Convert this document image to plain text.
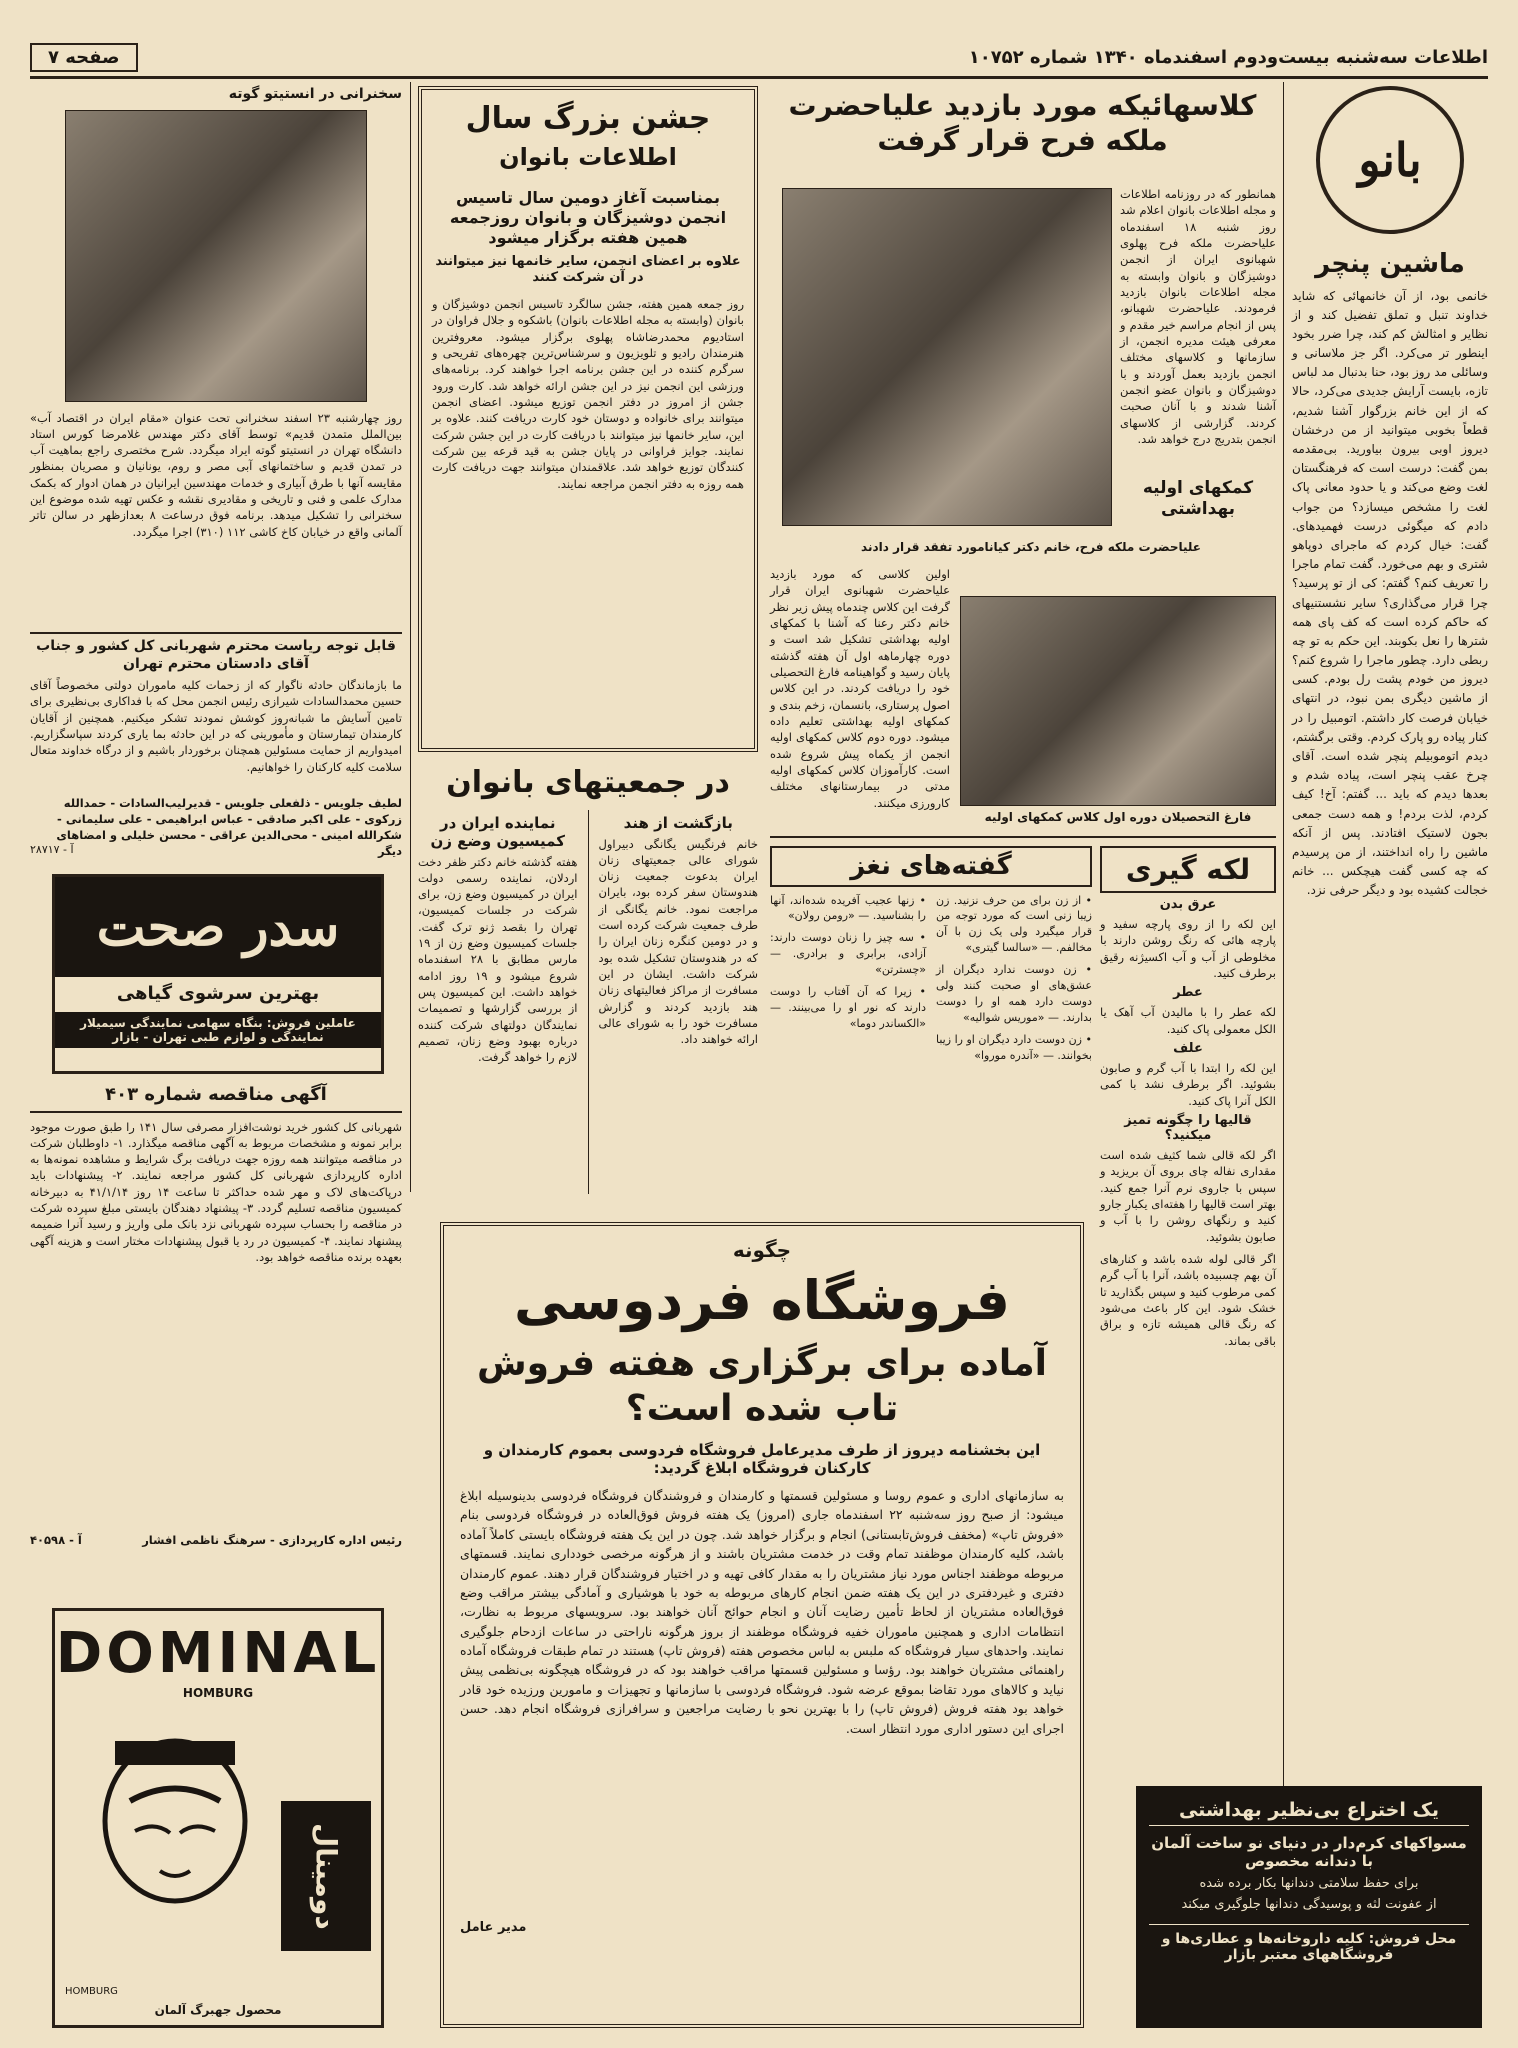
اطلاعات سه‌شنبه بیست‌ودوم اسفندماه ۱۳۴۰ شماره ۱۰۷۵۲
صفحه ۷
بانو
ماشین پنچر
خانمی بود، از آن خانمهائی که شاید خداوند تنبل و تملق تفضیل کند و از نظایر و امثالش کم کند، چرا ضرر بخود اینطور تر می‌کرد. اگر جز ملاسانی و وسائلی مد روز بود، حنا بدنبال مد لباس تازه، بایست آرایش جدیدی می‌کرد، حالا که از این خانم بزرگوار آشنا شدیم، قطعاً بخوبی میتوانید از من درخشان دیروز اوبی بیرون بیاورید. بی‌مقدمه بمن گفت: درست است که فرهنگستان لغت وضع می‌کند و یا حدود معانی پاک لغت را مشخص میسازد؟ من جواب دادم که میگوئی درست فهمیدهای. گفت: خیال کردم که ماجرای دوپاهو شتری و بهم می‌خورد. گفت تمام ماجرا را تعریف کنم؟ گفتم: کی از تو پرسید؟ چرا قرار می‌گذاری؟ سایر نشستنیهای که حاکم کرده است که کف پای همه شتر‌ها را نعل بکوبند. این حکم به تو چه ربطی دارد. چطور ماجرا را شروع کنم؟ دیروز من خودم پشت رل بودم. کسی از ماشین دیگری بمن نبود، در انتهای خیابان فرصت کار داشتم. اتومبیل را در کنار پیاده رو پارک کردم. وقتی برگشتم، دیدم اتوموبیلم پنچر شده است. آقای چرخ عقب پنچر است، پیاده شدم و بعدها دیدم که باید ... گفتم: آخ! کیف کردم، لذت بردم! و همه دست جمعی بجون لاستیک افتادند. پس از آنکه ماشین را راه انداختند، از من پرسیدم که چه کسی گفت هیچکس ... خانم خجالت کشیده بود و دیگر حرفی نزد.
کلاسهائیکه مورد بازدید علیاحضرت
ملکه فرح قرار گرفت
همانطور که در روزنامه اطلاعات و مجله اطلاعات بانوان اعلام شد روز شنبه ۱۸ اسفندماه علیاحضرت ملکه فرح پهلوی شهبانوی ایران از انجمن دوشیزگان و بانوان وابسته به مجله اطلاعات بانوان بازدید فرمودند. علیاحضرت شهبانو، پس از انجام مراسم خیر مقدم و معرفی هیئت مدیره انجمن، از سازمانها و کلاسهای مختلف انجمن بازدید بعمل آوردند و با دوشیزگان و بانوان عضو انجمن آشنا شدند و با آنان صحبت کردند. گزارشی از کلاسهای انجمن بتدریج درج خواهد شد.
کمکهای اولیه بهداشتی
علیاحضرت ملکه فرح، خانم دکتر کیانامورد تفقد قرار دادند
اولین کلاسی که مورد بازدید علیاحضرت شهبانوی ایران قرار گرفت این کلاس چندماه پیش زیر نظر خانم دکتر رعنا که آشنا با کمکهای اولیه بهداشتی تشکیل شد است و دوره چهارماهه اول آن هفته گذشته پایان رسید و گواهینامه فارغ التحصیلی خود را دریافت کردند. در این کلاس اصول پرستاری، بانسمان، زخم بندی و کمکهای اولیه بهداشتی تعلیم داده میشود. دوره دوم کلاس کمکهای اولیه انجمن از یکماه پیش شروع شده است. کارآموزان کلاس کمکهای اولیه مدتی در بیمارستانهای مختلف کارورزی میکنند.
فارغ التحصیلان دوره اول کلاس کمکهای اولیه
جشن بزرگ سال
اطلاعات بانوان
بمناسبت آغاز دومین سال تاسیس انجمن دوشیزگان و بانوان روزجمعه همین هفته برگزار میشود
علاوه بر اعضای انجمن، سایر خانمها نیز میتوانند در آن شرکت کنند
روز جمعه همین هفته، جشن سالگرد تاسیس انجمن دوشیزگان و بانوان (وابسته به مجله اطلاعات بانوان) باشکوه و جلال فراوان در استادیوم محمدرضاشاه پهلوی برگزار میشود. معروفترین هنرمندان رادیو و تلویزیون و سرشناس‌ترین چهره‌های تفریحی و سرگرم کننده در این جشن برنامه اجرا خواهند کرد. برنامه‌های ورزشی این انجمن نیز در این جشن ارائه خواهد شد. کارت ورود جشن از امروز در دفتر انجمن توزیع میشود. اعضای انجمن میتوانند برای خانواده و دوستان خود کارت دریافت کنند. علاوه بر این، سایر خانمها نیز میتوانند با دریافت کارت در این جشن شرکت نمایند. جوایز فراوانی در پایان جشن به قید قرعه بین شرکت کنندگان توزیع خواهد شد. علاقمندان میتوانند جهت دریافت کارت همه روزه به دفتر انجمن مراجعه نمایند.
در جمعیتهای بانوان
بازگشت از هند
خانم فرنگیس یگانگی دبیراول شورای عالی جمعیتهای زنان ایران بدعوت جمعیت زنان هندوستان سفر کرده بود، بایران مراجعت نمود. خانم یگانگی از طرف جمعیت شرکت کرده است و در دومین کنگره زنان ایران را که در هندوستان تشکیل شده بود شرکت داشت. ایشان در این مسافرت از مراکز فعالیتهای زنان هند بازدید کردند و گزارش مسافرت خود را به شورای عالی ارائه خواهند داد.
نماینده ایران در کمیسیون وضع زن
هفته گذشته خانم دکتر ظفر دخت اردلان، نماینده رسمی دولت ایران در کمیسیون وضع زن، برای شرکت در جلسات کمیسیون، تهران را بقصد ژنو ترک گفت. جلسات کمیسیون وضع زن از ۱۹ مارس مطابق با ۲۸ اسفندماه شروع میشود و ۱۹ روز ادامه خواهد داشت. این کمیسیون پس از بررسی گزارشها و تصمیمات نمایندگان دولتهای شرکت کننده درباره بهبود وضع زنان، تصمیم لازم را خواهد گرفت.
گفته‌های نغز
• از زن برای من حرف نزنید. زن زیبا زنی است که مورد توجه من قرار میگیرد ولی یک زن با آن مخالفم. — «سالسا گیتری»
• زن دوست ندارد دیگران از عشق‌های او صحبت کنند ولی دوست دارد همه او را دوست بدارند. — «موریس شوالیه»
• زن دوست دارد دیگران او را زیبا بخوانند. — «آندره موروا»
• زنها عجیب آفریده شده‌اند، آنها را بشناسید. — «رومن رولان»
• سه چیز را زنان دوست دارند: آزادی، برابری و برادری. — «چسترتن»
• زیرا که آن آفتاب را دوست دارند که نور او را می‌بینند. — «الکساندر دوما»
لکه گیری
عرق بدن
این لکه را از روی پارچه سفید و پارچه هائی که رنگ روشن دارند با مخلوطی از آب و آب اکسیژنه رقیق برطرف کنید.
عطر
لکه عطر را با مالیدن آب آهک یا الکل معمولی پاک کنید.
علف
این لکه را ابتدا با آب گرم و صابون بشوئید. اگر برطرف نشد با کمی الکل آنرا پاک کنید.
قالیها را چگونه تمیز میکنید؟
اگر لکه قالی شما کثیف شده است مقداری نفاله چای بروی آن بریزید و سپس با جاروی نرم آنرا جمع کنید. بهتر است قالیها را هفته‌ای یکبار جارو کنید و رنگهای روشن را با آب و صابون بشوئید.
اگر قالی لوله شده باشد و کنارهای آن بهم چسبیده باشد، آنرا با آب گرم کمی مرطوب کنید و سپس بگذارید تا خشک شود. این کار باعث می‌شود که رنگ قالی همیشه تازه و براق باقی بماند.
سخنرانی در انستیتو گوته
روز چهارشنبه ۲۳ اسفند سخنرانی تحت عنوان «مقام ایران در اقتصاد آب» بین‌الملل متمدن قدیم» توسط آقای دکتر مهندس غلامرضا کورس استاد دانشگاه تهران در انستیتو گوته ایراد میگردد. شرح مختصری راجع بماهیت آب در تمدن قدیم و ساختمانهای آبی مصر و روم، یونانیان و مصریان بمنظور مقایسه آنها با طرق آبیاری و خدمات مهندسین ایرانیان در همان ادوار که بکمک مدارک علمی و فنی و تاریخی و مقادیری نقشه و عکس تهیه شده موضوع این سخنرانی را تشکیل میدهد. برنامه فوق درساعت ۸ بعدازظهر در سالن تاتر آلمانی واقع در خیابان کاخ کاشی ۱۱۲ (۳۱۰) اجرا میگردد.
قابل توجه ریاست محترم شهربانی کل کشور و جناب آقای دادستان محترم تهران
ما بازماندگان حادثه ناگوار که از زحمات کلیه ماموران دولتی مخصوصاً آقای حسین محمدالسادات شیرازی رئیس انجمن محل که با فداکاری بی‌نظیری برای تامین آسایش ما شبانه‌روز کوشش نمودند تشکر میکنیم. همچنین از آقایان کارمندان تیمارستان و مأمورینی که در این حادثه بما یاری کردند سپاسگزاریم. امیدواریم از حمایت مسئولین همچنان برخوردار باشیم و از درگاه خداوند متعال سلامت کلیه کارکنان را خواهانیم.
لطیف جلویس - ذلفعلی جلویس - قدیرلیب‌السادات - حمدالله زرکوی - علی اکبر صادقی - عباس ابراهیمی - علی سلیمانی - شکرالله امینی - محی‌الدین عراقی - محسن خلیلی و امضاهای دیگر
آ - ۲۸۷۱۷
سدر صحت
بهترین سرشوی گیاهی
عاملین فروش: بنگاه سهامی نمایندگی سیمیلار
نمایندگی و لوازم طبی تهران - بازار
آگهی مناقصه شماره ۴۰۳
شهربانی کل کشور خرید نوشت‌افزار مصرفی سال ۱۴۱ را طبق صورت موجود برابر نمونه و مشخصات مربوط به آگهی مناقصه میگذارد. ۱- داوطلبان شرکت در مناقصه میتوانند همه روزه جهت دریافت برگ شرایط و مشاهده نمونه‌ها به اداره کارپردازی شهربانی کل کشور مراجعه نمایند. ۲- پیشنهادات باید درپاکت‌های لاک و مهر شده حداکثر تا ساعت ۱۴ روز ۴۱/۱/۱۴ به دبیرخانه کمیسیون مناقصه تسلیم گردد. ۳- پیشنهاد دهندگان بایستی مبلغ سپرده شرکت در مناقصه را بحساب سپرده شهربانی نزد بانک ملی واریز و رسید آنرا ضمیمه پیشنهاد نمایند. ۴- کمیسیون در رد یا قبول پیشنهادات مختار است و هزینه آگهی بعهده برنده مناقصه خواهد بود.
رئیس اداره کارپردازی - سرهنگ ناظمی افشار
آ - ۴۰۵۹۸
DOMINAL
HOMBURG
دومینال
محصول جهبرگ آلمان
HOMBURG
چگونه
فروشگاه فردوسی
آماده برای برگزاری هفته فروش
تاب شده است؟
این بخشنامه دیروز از طرف مدیرعامل فروشگاه فردوسی بعموم کارمندان و کارکنان فروشگاه ابلاغ گردید:
به سازمانهای اداری و عموم روسا و مسئولین قسمتها و کارمندان و فروشندگان فروشگاه فردوسی بدینوسیله ابلاغ میشود: از صبح روز سه‌شنبه ۲۲ اسفندماه جاری (امروز) یک هفته فروش فوق‌العاده در فروشگاه فردوسی بنام «فروش تاپ» (مخفف فروش‌تابستانی) انجام و برگزار خواهد شد. چون در این یک هفته فروشگاه بایستی کاملاً آماده باشد، کلیه کارمندان موظفند تمام وقت در خدمت مشتریان باشند و از هرگونه مرخصی خودداری نمایند. قسمتهای مربوطه موظفند اجناس مورد نیاز مشتریان را به مقدار کافی تهیه و در اختیار فروشندگان قرار دهند. عموم کارمندان دفتری و غیردفتری در این یک هفته ضمن انجام کارهای مربوطه به خود با هوشیاری و آمادگی بیشتر مراقب وضع فوق‌العاده مشتریان از لحاظ تأمین رضایت آنان و انجام حوائج آنان خواهند بود. سرویسهای مربوط به نظارت، انتظامات اداری و همچنین ماموران خفیه فروشگاه موظفند از بروز هرگونه ناراحتی در ساعات ازدحام جلوگیری نمایند. واحدهای سیار فروشگاه که ملبس به لباس مخصوص هفته (فروش تاپ) هستند در تمام طبقات فروشگاه آماده راهنمائی مشتریان خواهند بود. رؤسا و مسئولین قسمتها مراقب خواهند بود که در فروشگاه هیچگونه بی‌نظمی پیش نیاید و کالاهای مورد تقاضا بموقع عرضه شود. فروشگاه فردوسی با سازمانها و تجهیزات و مامورین ورزیده خود قادر خواهد بود هفته فروش (فروش تاپ) را با بهترین نحو با رضایت مراجعین و سرافرازی فروشگاه انجام دهد. حسن اجرای این دستور اداری مورد انتظار است.
مدیر عامل
یک اختراع بی‌نظیر بهداشتی
مسواکهای کرم‌دار در دنیای نو ساخت آلمان با دندانه مخصوص
برای حفظ سلامتی دندانها بکار برده شده
از عفونت لثه و پوسیدگی دندانها جلوگیری میکند
محل فروش: کلیه داروخانه‌ها و عطاری‌ها و فروشگاههای معتبر بازار
